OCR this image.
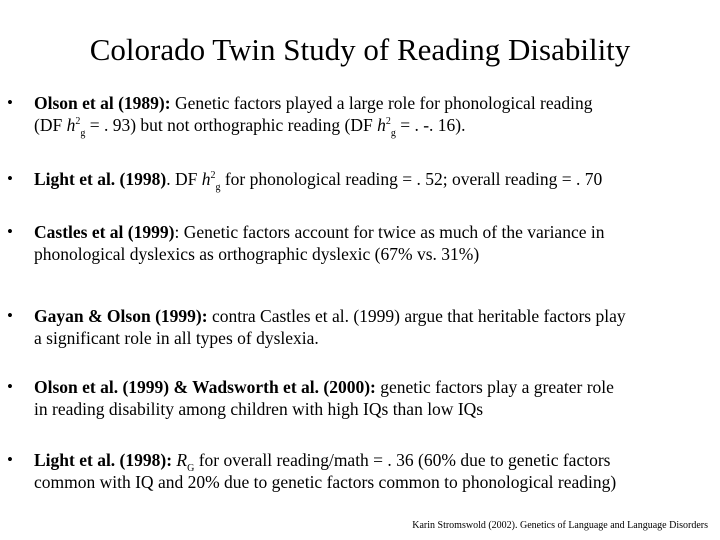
Colorado Twin Study of Reading Disability
• Olson et al (1989): Genetic factors played a large role for phonological reading
(DF $h^2_g$ = . 93) but not orthographic reading (DF $h^2_g$ = . -. 16).
• Light et al. (1998). DF $h^2_g$ for phonological reading = . 52; overall reading = . 70
• Castles et al (1999): Genetic factors account for twice as much of the variance in
phonological dyslexics as orthographic dyslexic (67% vs. 31%)
• Gayan & Olson (1999): contra Castles et al. (1999) argue that heritable factors play
a significant role in all types of dyslexia.
• Olson et al. (1999) & Wadsworth et al. (2000): genetic factors play a greater role
in reading disability among children with high IQs than low IQs
• Light et al. (1998): $R_G$ for overall reading/math = . 36 (60% due to genetic factors
common with IQ and 20% due to genetic factors common to phonological reading)
Karin Stromswold (2002). Genetics of Language and Language Disorders
